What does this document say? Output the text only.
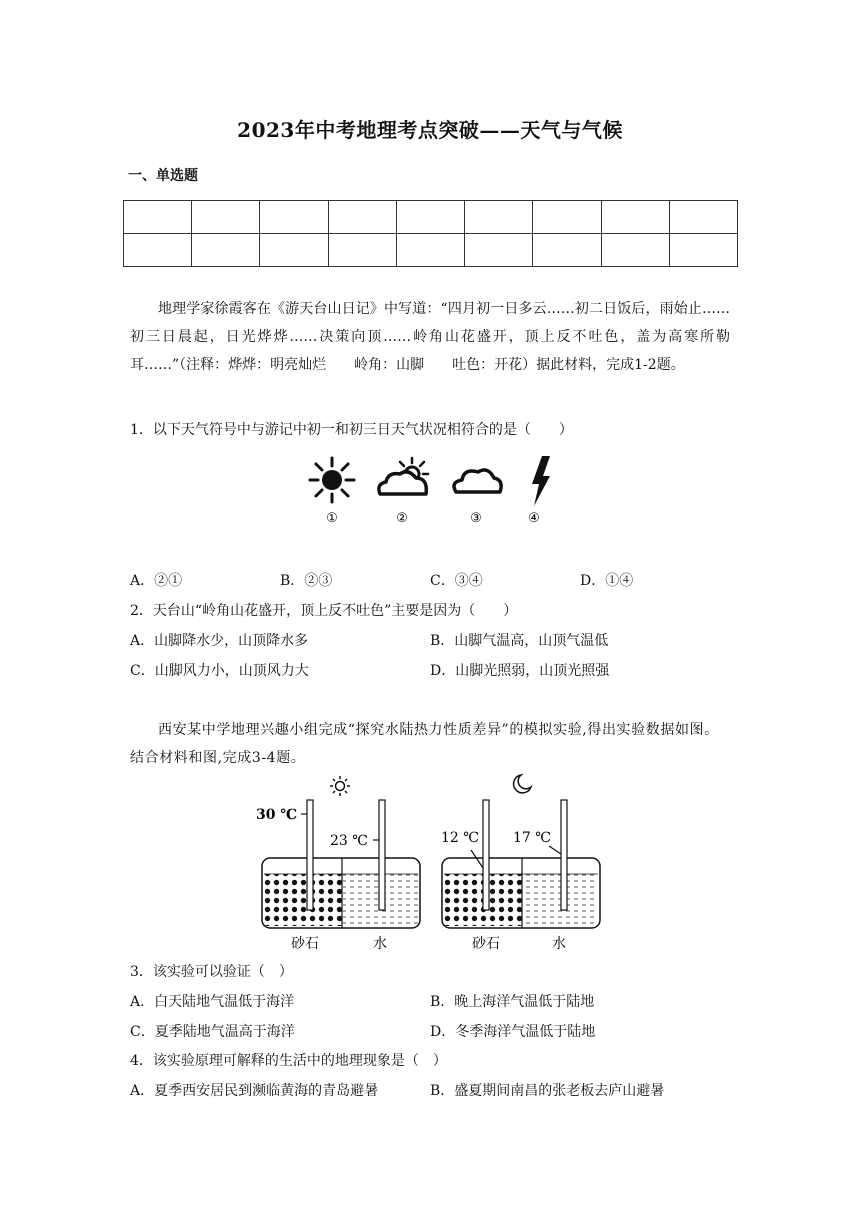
2023年中考地理考点突破——天气与气候
一、单选题

地理学家徐霞客在《游天台山日记》中写道：“四月初一日多云……初二日饭后，雨始止……初三日晨起，日光烨烨……决策向顶……岭角山花盛开，顶上反不吐色，盖为高寒所勒耳……”（注释：烨烨：明亮灿烂　　岭角：山脚　　吐色：开花）据此材料，完成1-2题。
1．以下天气符号中与游记中初一和初三日天气状况相符合的是（　　）
①	②	③	④
A．②①	B．②③	C．③④	D．①④
2．天台山“岭角山花盛开，顶上反不吐色”主要是因为（　　）
A．山脚降水少，山顶降水多	B．山脚气温高，山顶气温低
C．山脚风力小，山顶风力大	D．山脚光照弱，山顶光照强
西安某中学地理兴趣小组完成“探究水陆热力性质差异”的模拟实验,得出实验数据如图。结合材料和图,完成3-4题。
30 ℃
23 ℃
砂石	水
12 ℃ 17 ℃
砂石	水
3．该实验可以验证（　）
A．白天陆地气温低于海洋	B．晚上海洋气温低于陆地
C．夏季陆地气温高于海洋	D．冬季海洋气温低于陆地
4．该实验原理可解释的生活中的地理现象是（　）
A．夏季西安居民到濒临黄海的青岛避暑	B．盛夏期间南昌的张老板去庐山避暑
